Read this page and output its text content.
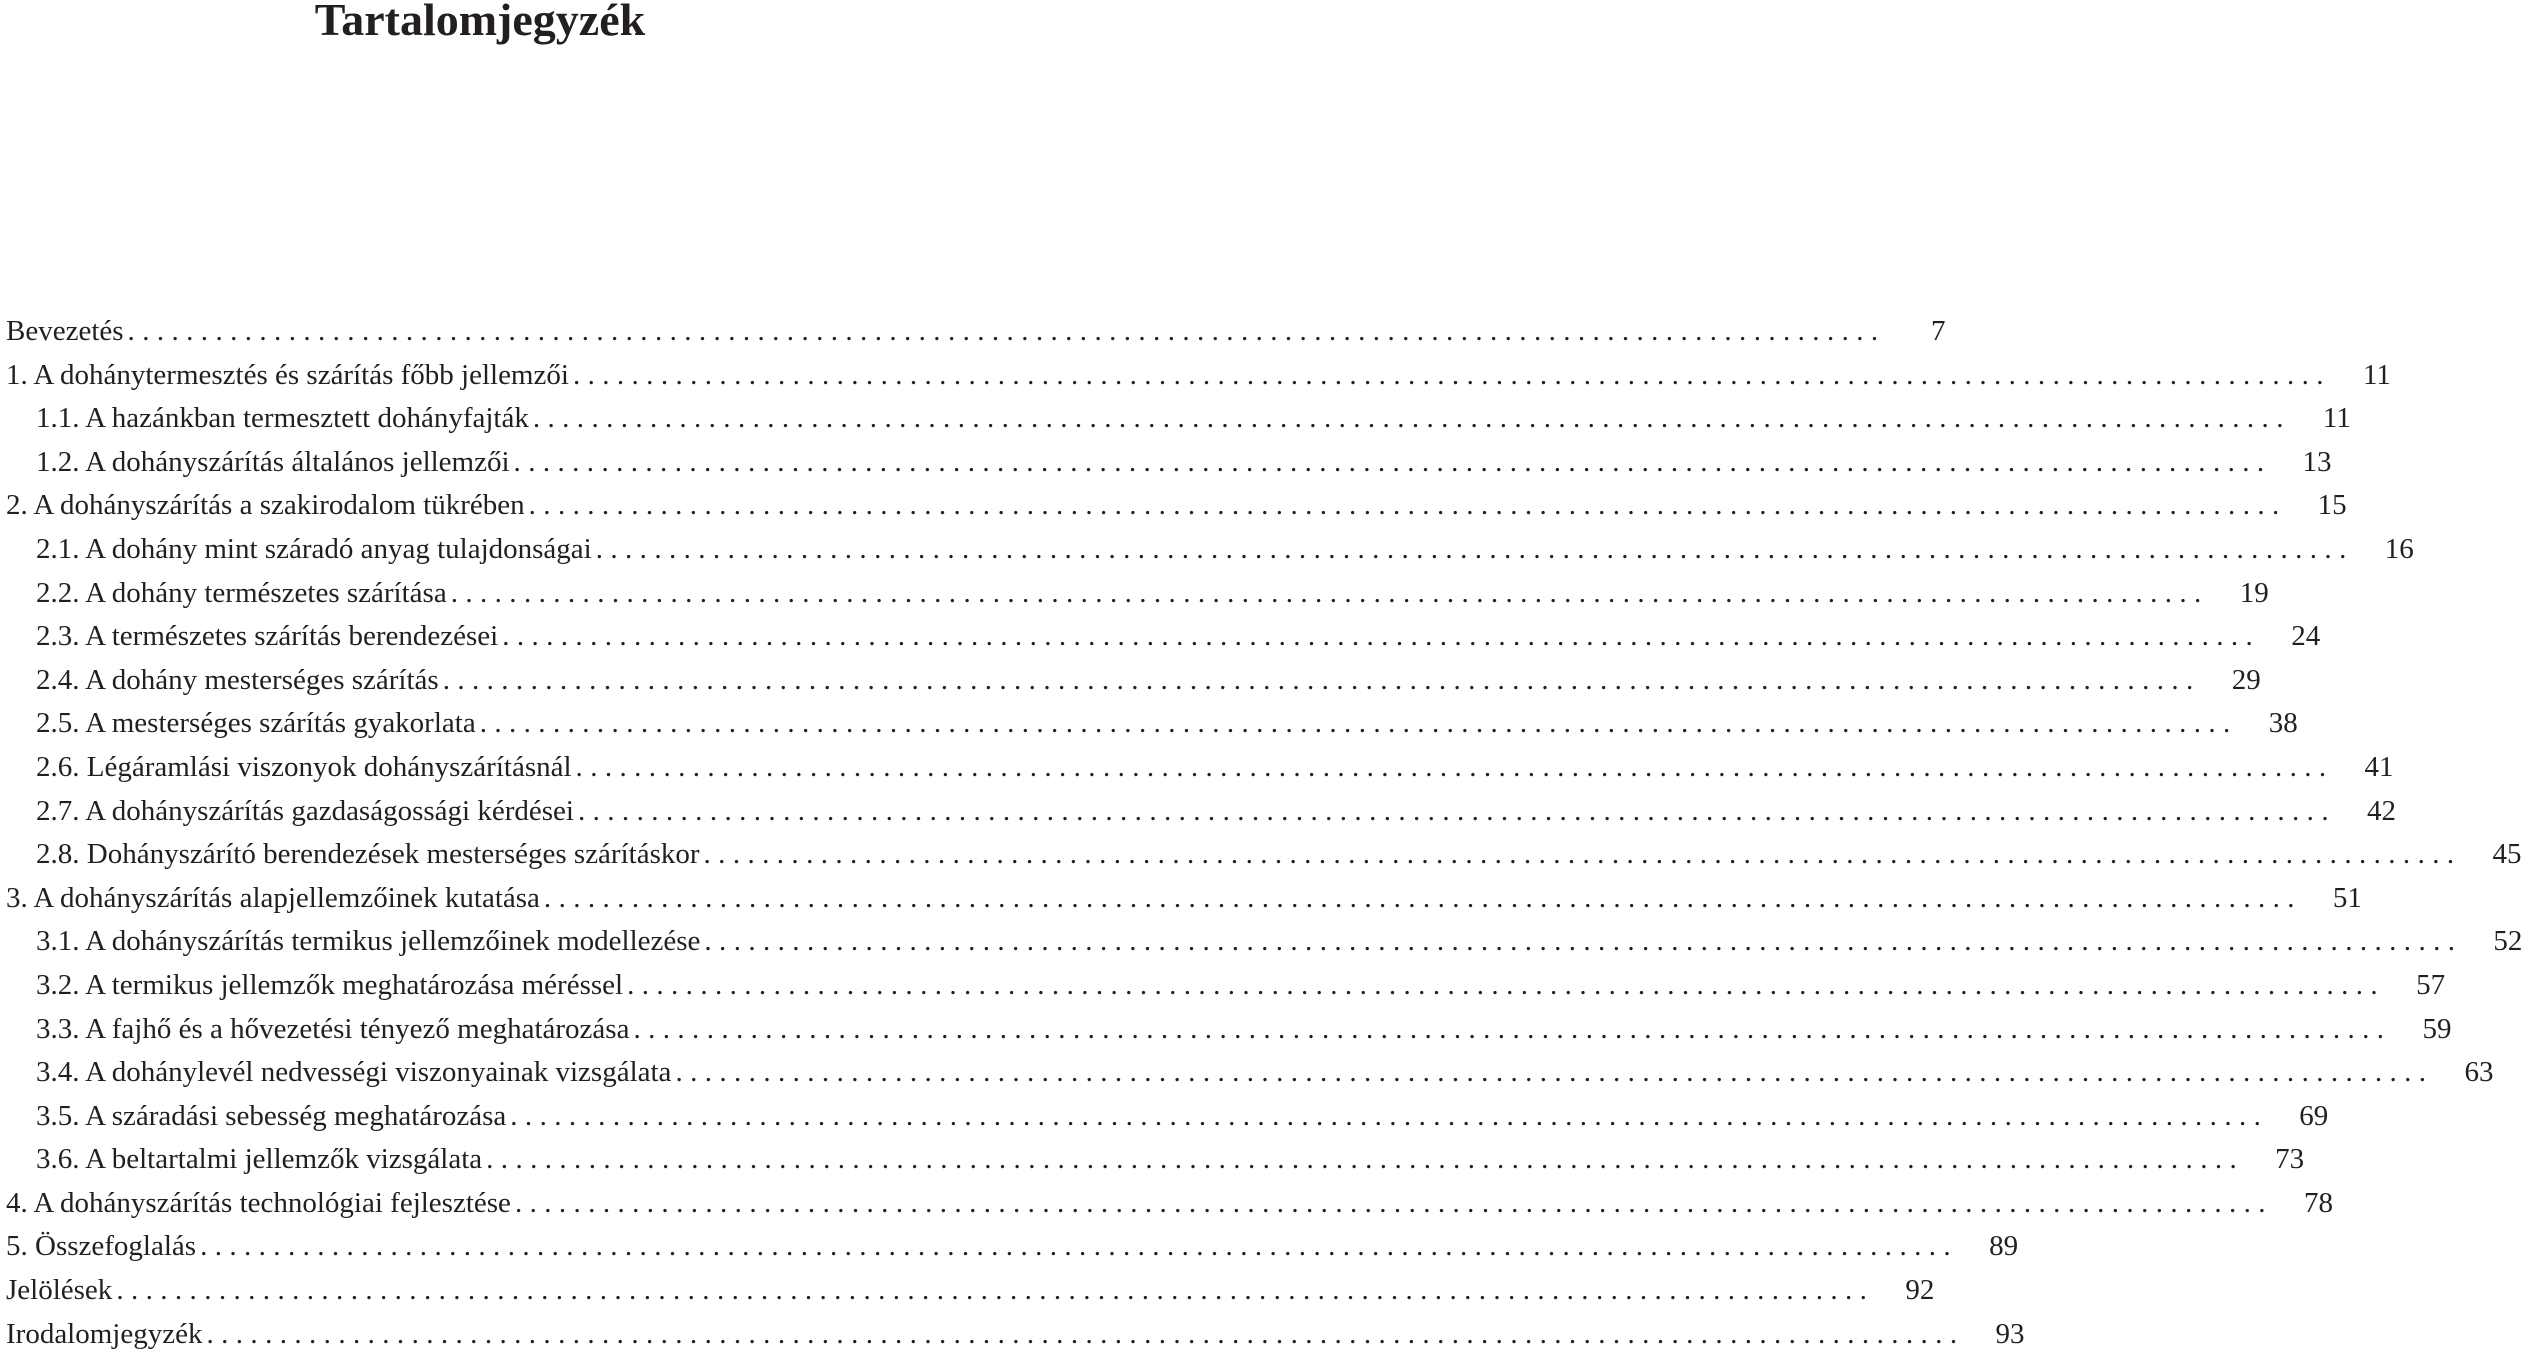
Tartalomjegyzék
Bevezetés ........................................................................................................................	7
1. A dohánytermesztés és szárítás főbb jellemzői ........................................................................................................................ 11
1.1. A hazánkban termesztett dohányfajták ........................................................................................................................ 11
1.2. A dohányszárítás általános jellemzői ........................................................................................................................ 13
2. A dohányszárítás a szakirodalom tükrében ........................................................................................................................ 15
2.1. A dohány mint száradó anyag tulajdonságai ........................................................................................................................ 16
2.2. A dohány természetes szárítása ........................................................................................................................ 19
2.3. A természetes szárítás berendezései ........................................................................................................................ 24
2.4. A dohány mesterséges szárítás ........................................................................................................................ 29
2.5. A mesterséges szárítás gyakorlata ........................................................................................................................ 38
2.6. Légáramlási viszonyok dohányszárításnál ........................................................................................................................ 41
2.7. A dohányszárítás gazdaságossági kérdései ........................................................................................................................ 42
2.8. Dohányszárító berendezések mesterséges szárításkor ........................................................................................................................ 45
3. A dohányszárítás alapjellemzőinek kutatása ........................................................................................................................ 51
3.1. A dohányszárítás termikus jellemzőinek modellezése ........................................................................................................................ 52
3.2. A termikus jellemzők meghatározása méréssel ........................................................................................................................ 57
3.3. A fajhő és a hővezetési tényező meghatározása ........................................................................................................................ 59
3.4. A dohánylevél nedvességi viszonyainak vizsgálata ........................................................................................................................ 63
3.5. A száradási sebesség meghatározása ........................................................................................................................ 69
3.6. A beltartalmi jellemzők vizsgálata ........................................................................................................................ 73
4. A dohányszárítás technológiai fejlesztése ........................................................................................................................ 78
5. Összefoglalás ........................................................................................................................ 89
Jelölések ........................................................................................................................ 92
Irodalomjegyzék ........................................................................................................................ 93
